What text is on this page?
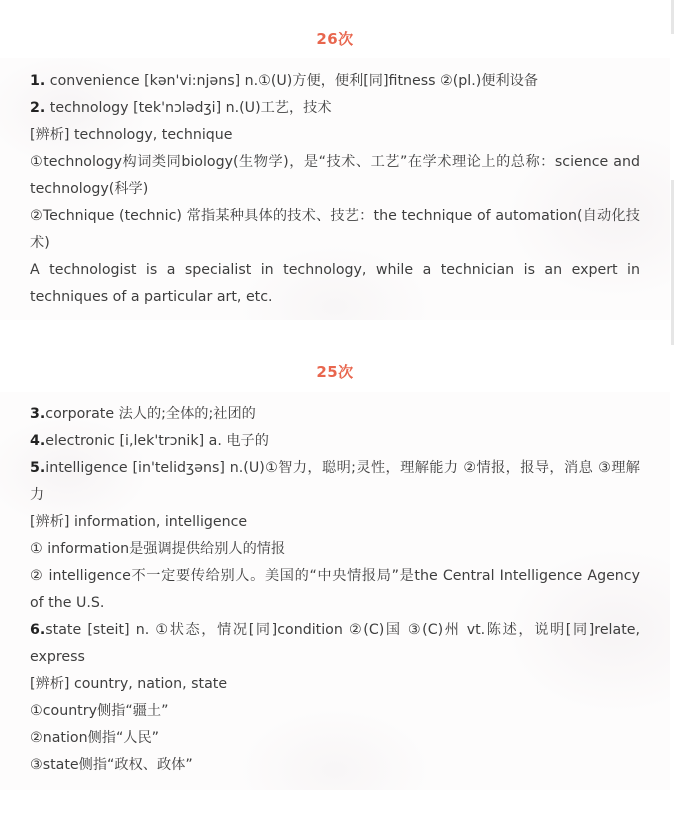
26次
1. convenience [kən'vi:njəns] n.①(U)方便，便利[同]fitness ②(pl.)便利设备
2. technology [tek'nɔlədʒi] n.(U)工艺，技术
[辨析] technology, technique
①technology构词类同biology(生物学)，是“技术、工艺”在学术理论上的总称：science and technology(科学)
②Technique (technic) 常指某种具体的技术、技艺：the technique of automation(自动化技术)
A technologist is a specialist in technology, while a technician is an expert in techniques of a particular art, etc.
25次
3.corporate 法人的;全体的;社团的
4.electronic [i,lek'trɔnik] a. 电子的
5.intelligence [in'telidʒəns] n.(U)①智力，聪明;灵性，理解能力 ②情报，报导，消息 ③理解力
[辨析] information, intelligence
① information是强调提供给别人的情报
② intelligence不一定要传给别人。美国的“中央情报局”是the Central Intelligence Agency of the U.S.
6.state [steit] n. ①状态，情况[同]condition ②(C)国 ③(C)州 vt.陈述，说明[同]relate, express
[辨析] country, nation, state
①country侧指“疆土”
②nation侧指“人民”
③state侧指“政权、政体”
